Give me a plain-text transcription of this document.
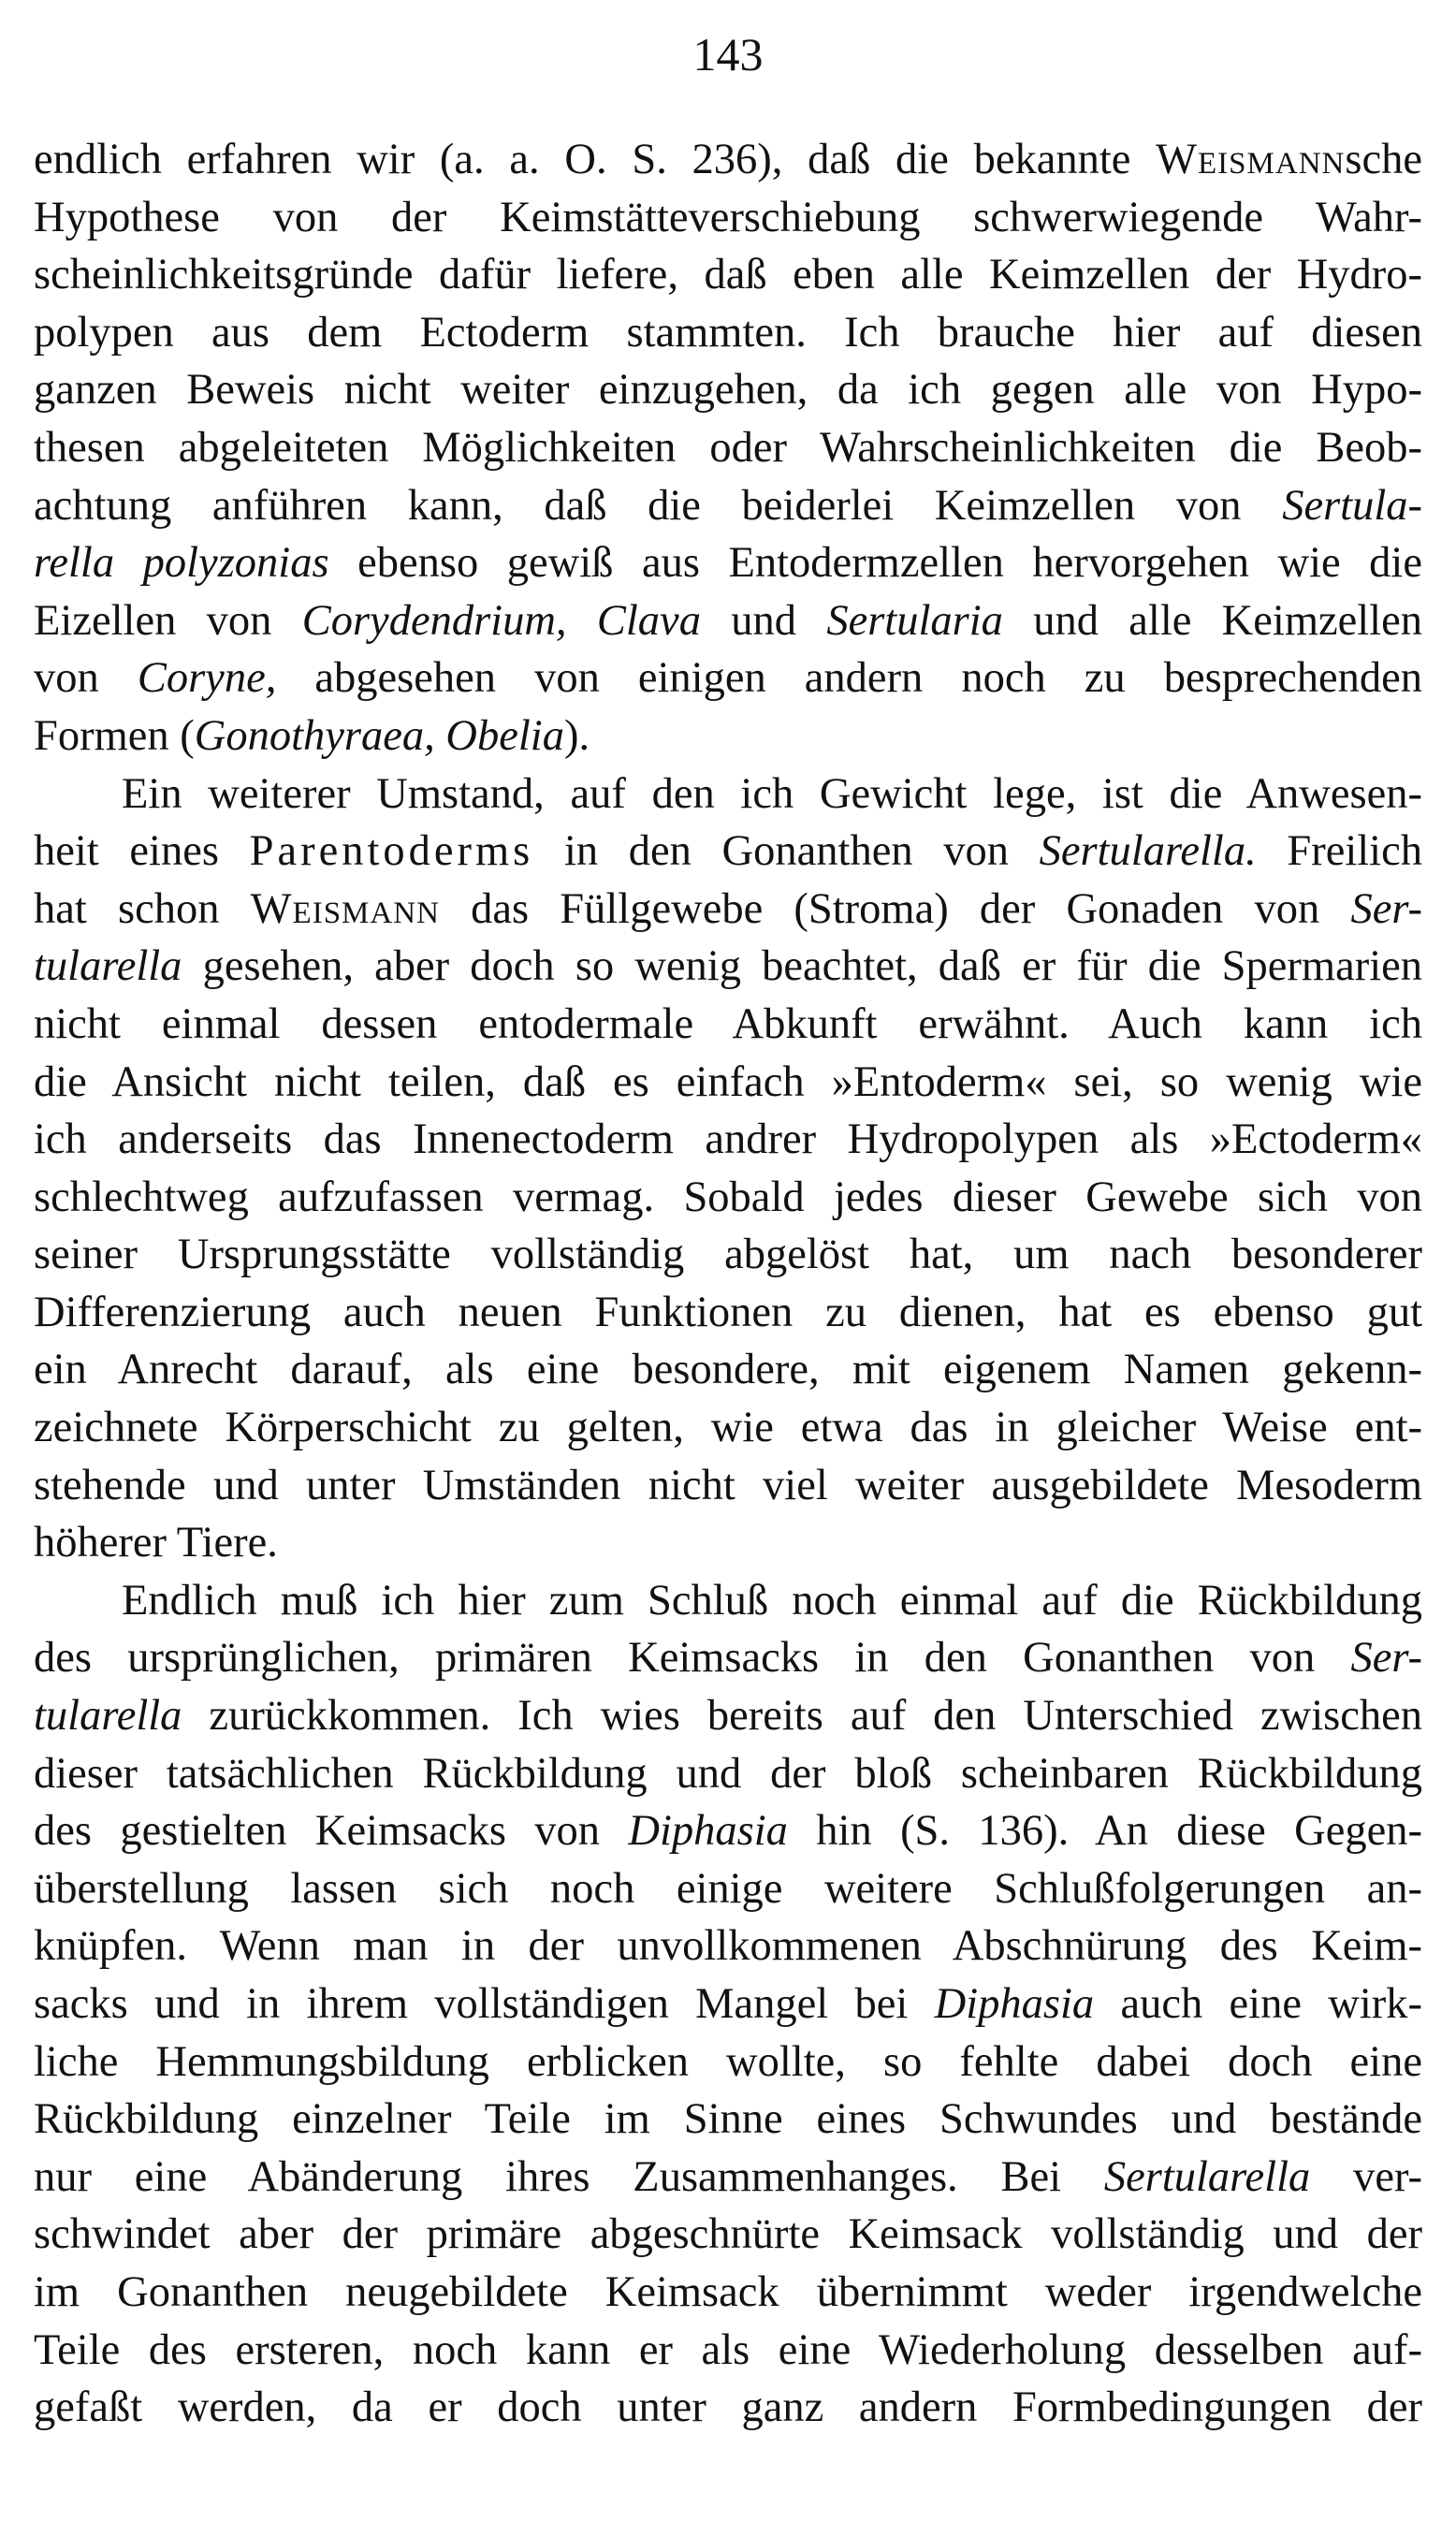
143
endlich erfahren wir (a. a. O. S. 236), daß die bekannte Weismannsche
Hypothese von der Keimstätteverschiebung schwerwiegende Wahr-
scheinlichkeitsgründe dafür liefere, daß eben alle Keimzellen der Hydro-
polypen aus dem Ectoderm stammten. Ich brauche hier auf diesen
ganzen Beweis nicht weiter einzugehen, da ich gegen alle von Hypo-
thesen abgeleiteten Möglichkeiten oder Wahrscheinlichkeiten die Beob-
achtung anführen kann, daß die beiderlei Keimzellen von Sertula-
rella polyzonias ebenso gewiß aus Entodermzellen hervorgehen wie die
Eizellen von Corydendrium, Clava und Sertularia und alle Keimzellen
von Coryne, abgesehen von einigen andern noch zu besprechenden
Formen (Gonothyraea, Obelia).
Ein weiterer Umstand, auf den ich Gewicht lege, ist die Anwesen-
heit eines Parentoderms in den Gonanthen von Sertularella. Freilich
hat schon Weismann das Füllgewebe (Stroma) der Gonaden von Ser-
tularella gesehen, aber doch so wenig beachtet, daß er für die Spermarien
nicht einmal dessen entodermale Abkunft erwähnt. Auch kann ich
die Ansicht nicht teilen, daß es einfach »Entoderm« sei, so wenig wie
ich anderseits das Innenectoderm andrer Hydropolypen als »Ectoderm«
schlechtweg aufzufassen vermag. Sobald jedes dieser Gewebe sich von
seiner Ursprungsstätte vollständig abgelöst hat, um nach besonderer
Differenzierung auch neuen Funktionen zu dienen, hat es ebenso gut
ein Anrecht darauf, als eine besondere, mit eigenem Namen gekenn-
zeichnete Körperschicht zu gelten, wie etwa das in gleicher Weise ent-
stehende und unter Umständen nicht viel weiter ausgebildete Mesoderm
höherer Tiere.
Endlich muß ich hier zum Schluß noch einmal auf die Rückbildung
des ursprünglichen, primären Keimsacks in den Gonanthen von Ser-
tularella zurückkommen. Ich wies bereits auf den Unterschied zwischen
dieser tatsächlichen Rückbildung und der bloß scheinbaren Rückbildung
des gestielten Keimsacks von Diphasia hin (S. 136). An diese Gegen-
überstellung lassen sich noch einige weitere Schlußfolgerungen an-
knüpfen. Wenn man in der unvollkommenen Abschnürung des Keim-
sacks und in ihrem vollständigen Mangel bei Diphasia auch eine wirk-
liche Hemmungsbildung erblicken wollte, so fehlte dabei doch eine
Rückbildung einzelner Teile im Sinne eines Schwundes und bestände
nur eine Abänderung ihres Zusammenhanges. Bei Sertularella ver-
schwindet aber der primäre abgeschnürte Keimsack vollständig und der
im Gonanthen neugebildete Keimsack übernimmt weder irgendwelche
Teile des ersteren, noch kann er als eine Wiederholung desselben auf-
gefaßt werden, da er doch unter ganz andern Formbedingungen der
